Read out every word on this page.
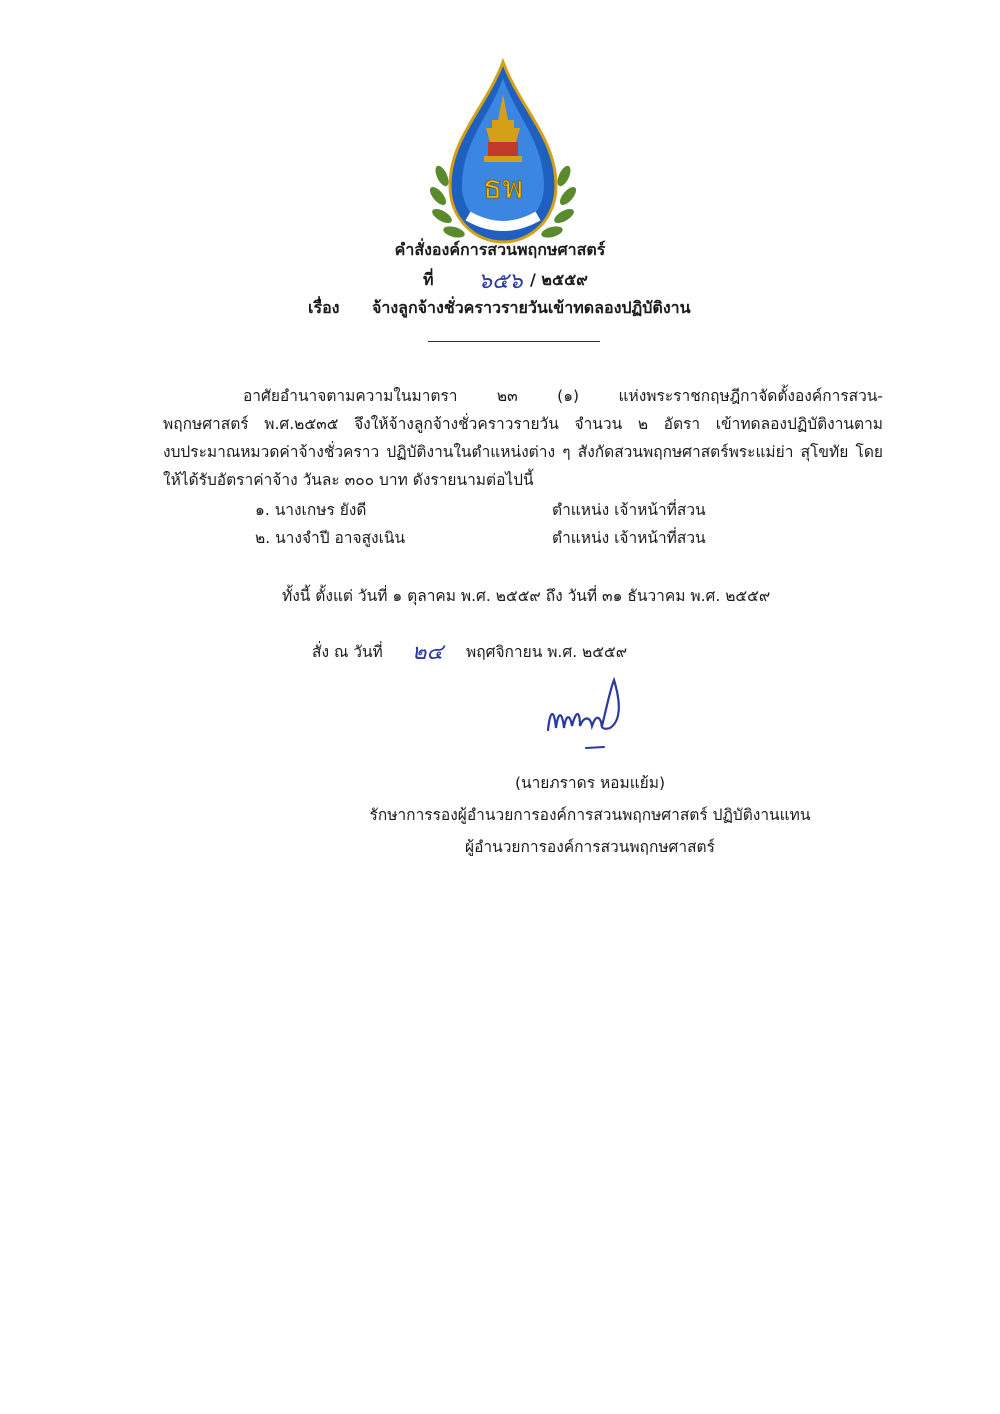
ธพ
คำสั่งองค์การสวนพฤกษศาสตร์
ที่ ๖๕๖ / ๒๕๕๙
เรื่อง จ้างลูกจ้างชั่วคราวรายวันเข้าทดลองปฏิบัติงาน
อาศัยอำนาจตามความในมาตรา ๒๓ (๑) แห่งพระราชกฤษฎีกาจัดตั้งองค์การสวน-
พฤกษศาสตร์ พ.ศ.๒๕๓๕ จึงให้จ้างลูกจ้างชั่วคราวรายวัน จำนวน ๒ อัตรา เข้าทดลองปฏิบัติงานตาม
งบประมาณหมวดค่าจ้างชั่วคราว ปฏิบัติงานในตำแหน่งต่าง ๆ สังกัดสวนพฤกษศาสตร์พระแม่ย่า สุโขทัย โดย
ให้ได้รับอัตราค่าจ้าง วันละ ๓๐๐ บาท ดังรายนามต่อไปนี้
๑. นางเกษร ยังดี	ตำแหน่ง เจ้าหน้าที่สวน
๒. นางจำปี อาจสูงเนิน	ตำแหน่ง เจ้าหน้าที่สวน
ทั้งนี้ ตั้งแต่ วันที่ ๑ ตุลาคม พ.ศ. ๒๕๕๙ ถึง วันที่ ๓๑ ธันวาคม พ.ศ. ๒๕๕๙
สั่ง ณ วันที่ ๒๔ พฤศจิกายน พ.ศ. ๒๕๕๙
(นายภราดร หอมแย้ม)
รักษาการรองผู้อำนวยการองค์การสวนพฤกษศาสตร์ ปฏิบัติงานแทน
ผู้อำนวยการองค์การสวนพฤกษศาสตร์
